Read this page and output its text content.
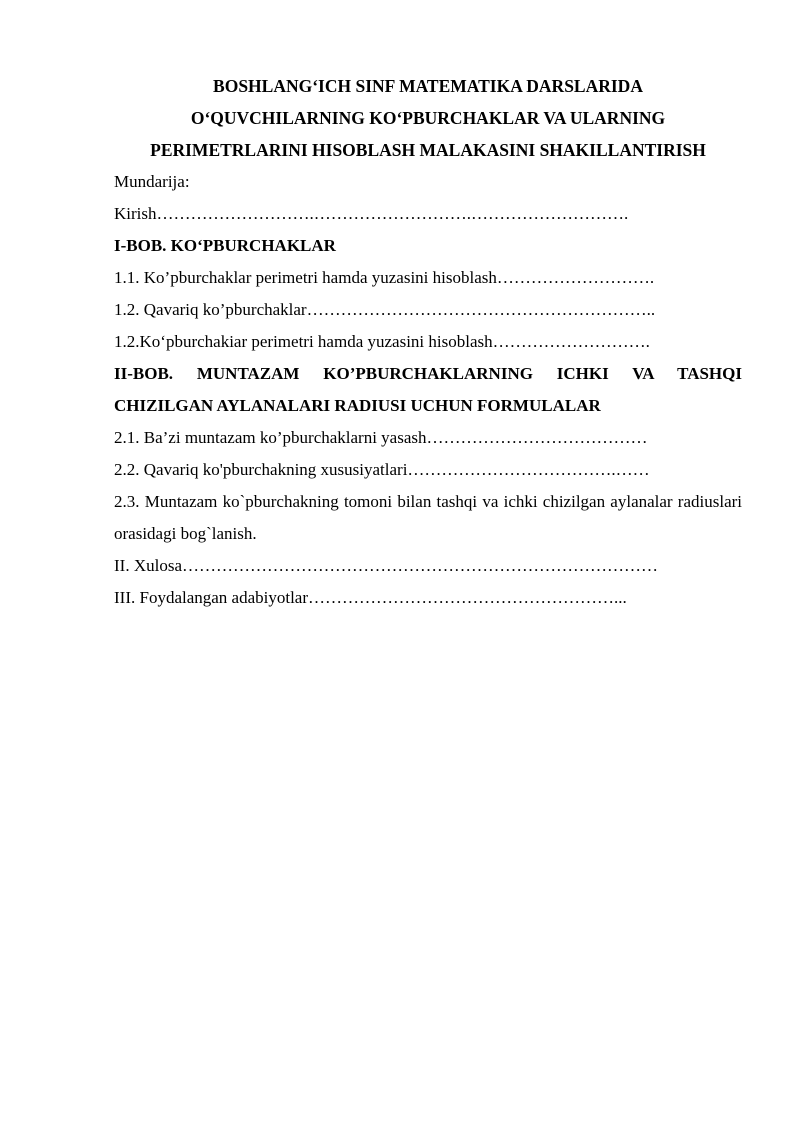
BOSHLANG‘ICH SINF MATEMATIKA DARSLARIDA
O‘QUVCHILARNING KO‘PBURCHAKLAR VA ULARNING
PERIMETRLARINI HISOBLASH MALAKASINI SHAKILLANTIRISH
Mundarija:
Kirish……………………….……………………….……………………….
I-BOB. KO‘PBURCHAKLAR
1.1. Ko’pburchaklar perimetri hamda yuzasini hisoblash……………………….
1.2. Qavariq ko’pburchaklar……………………………………………………..
1.2.Ko‘pburchakiar perimetri hamda yuzasini hisoblash……………………….
II-BOB. MUNTAZAM KO’PBURCHAKLARNING ICHKI VA TASHQI
CHIZILGAN AYLANALARI RADIUSI UCHUN FORMULALAR
2.1. Ba’zi muntazam ko’pburchaklarni yasash…………………………………
2.2. Qavariq ko'pburchakning xususiyatlari……………………………….……
2.3. Muntazam ko`pburchakning tomoni bilan tashqi va ichki chizilgan aylanalar radiuslari orasidagi bog`lanish.
II. Xulosa…………………………………………………………………………
III. Foydalangan adabiyotlar………………………………………………...
